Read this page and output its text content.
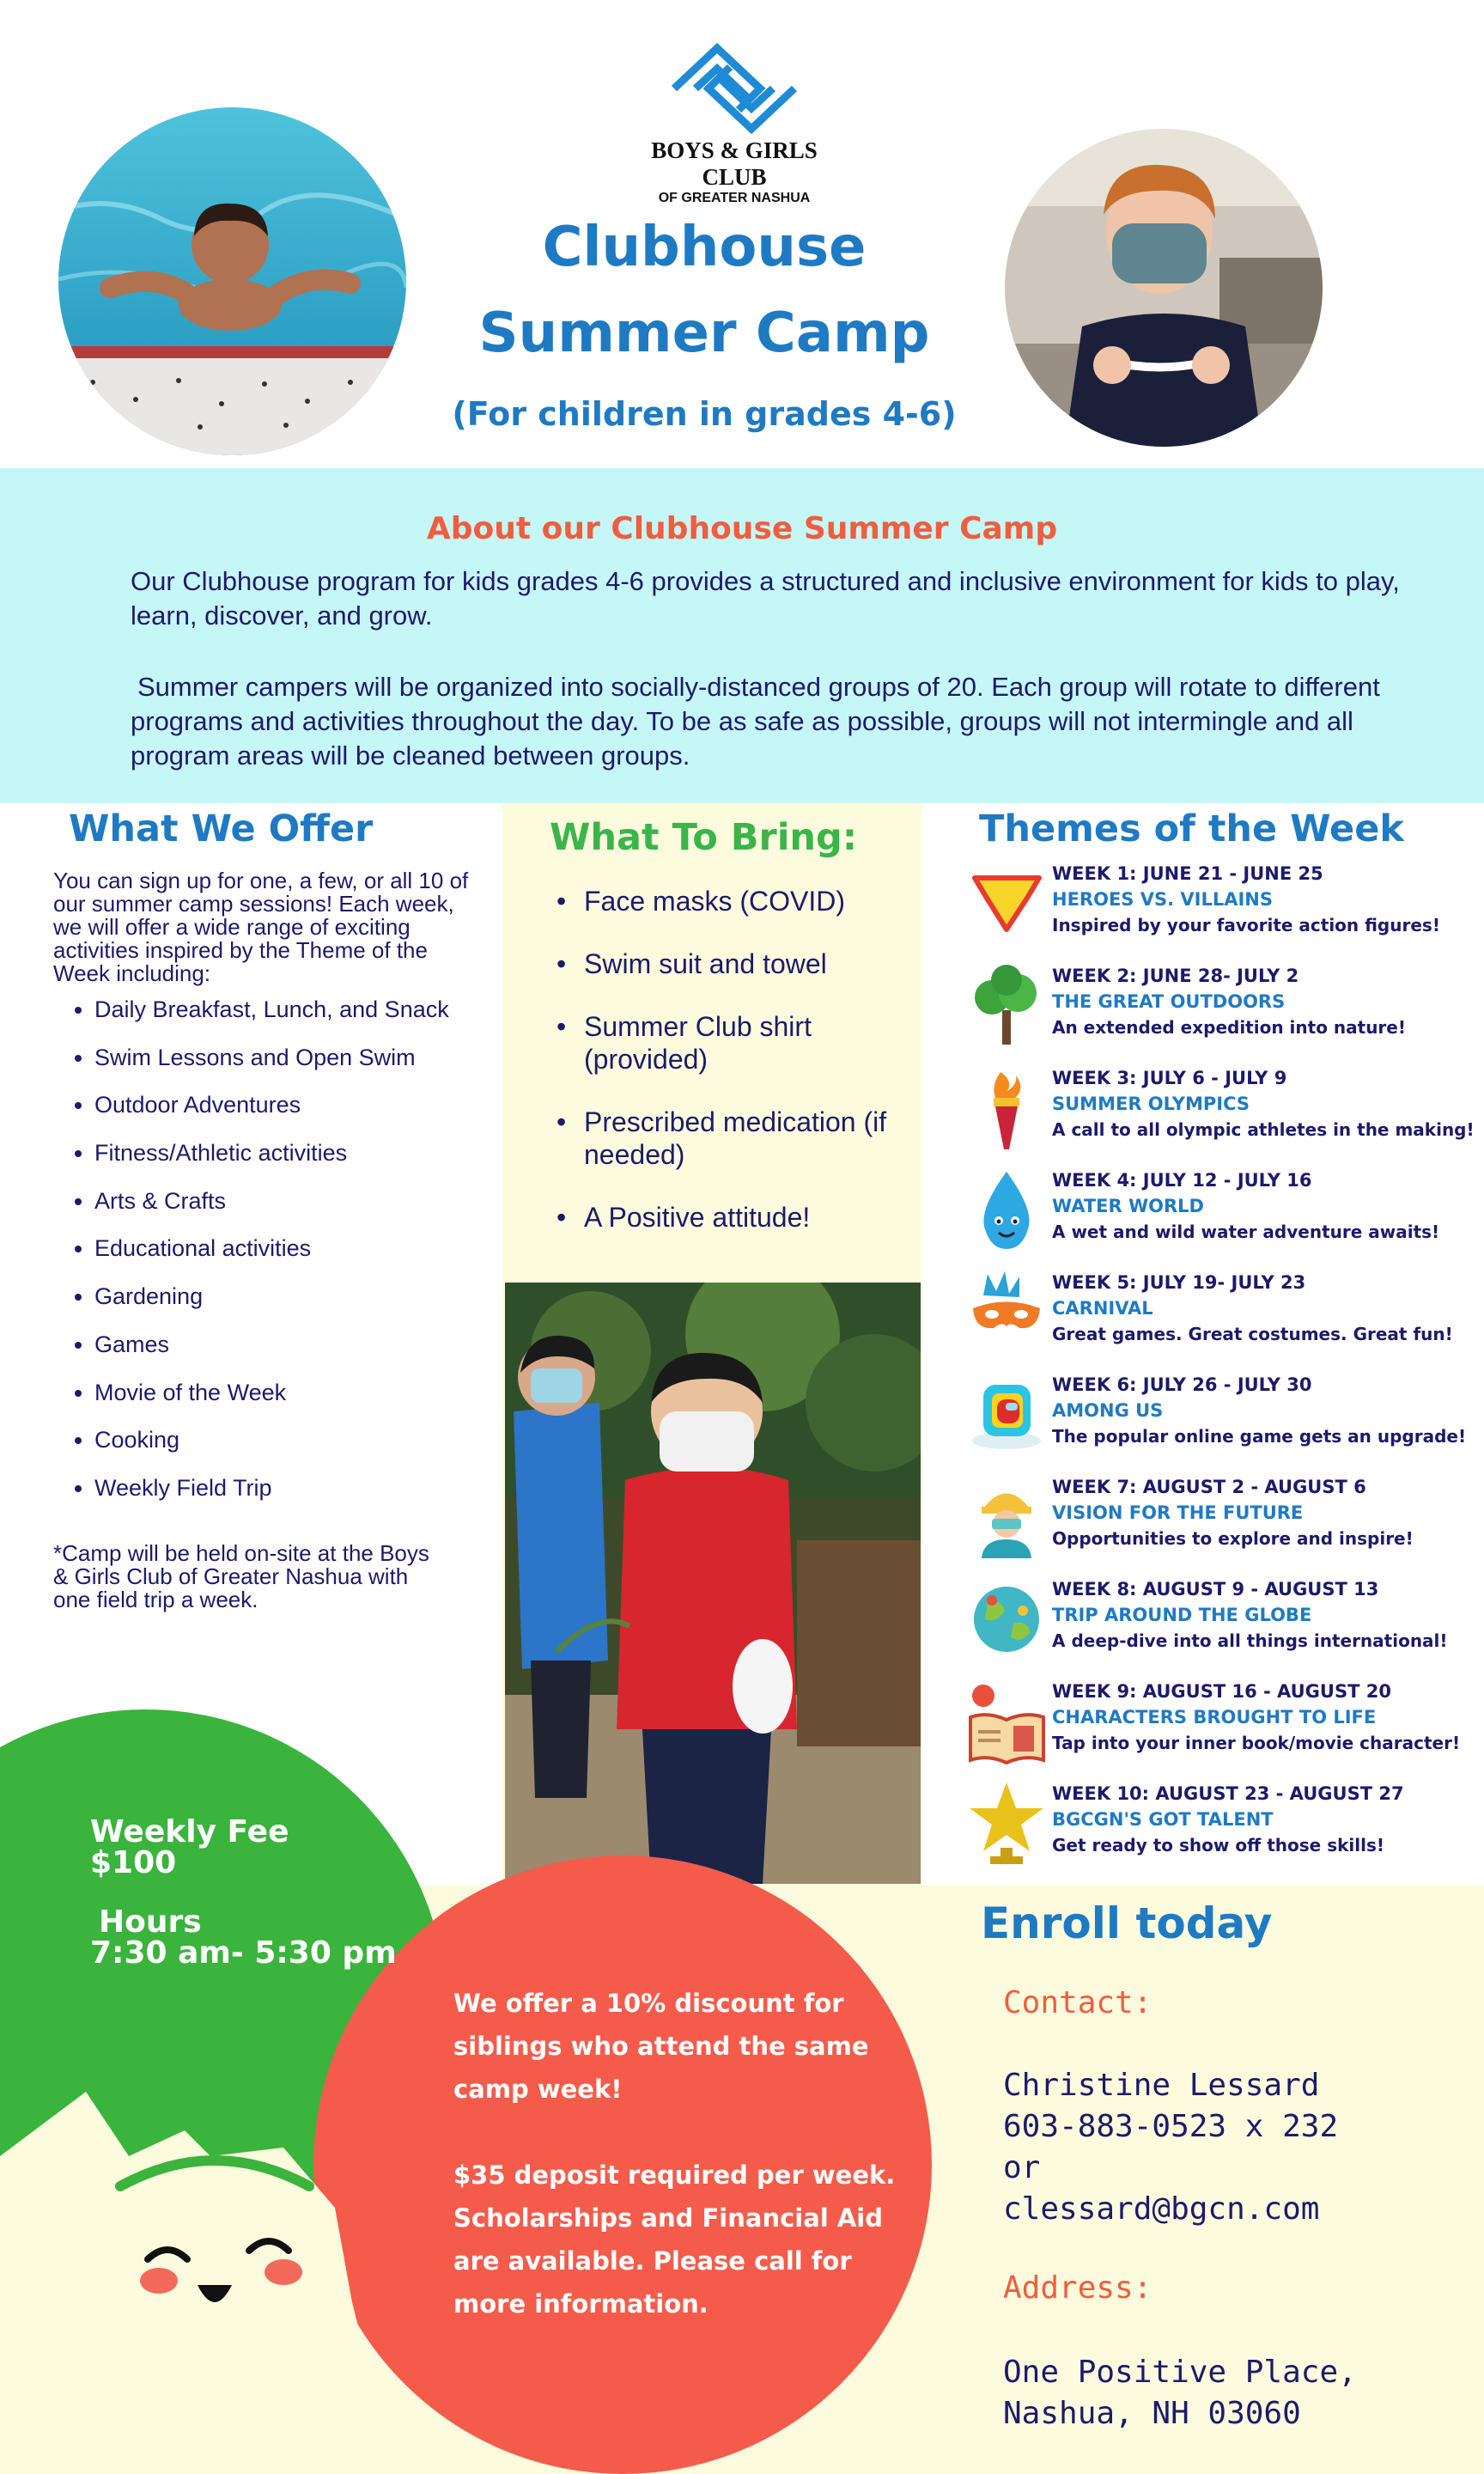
BOYS & GIRLS CLUB
OF GREATER NASHUA
Clubhouse
Summer Camp
(For children in grades 4-6)
About our Clubhouse Summer Camp
Our Clubhouse program for kids grades 4-6 provides a structured and inclusive environment for kids to play, learn, discover, and grow.
Summer campers will be organized into socially-distanced groups of 20. Each group will rotate to different programs and activities throughout the day. To be as safe as possible, groups will not intermingle and all program areas will be cleaned between groups.
What We Offer
You can sign up for one, a few, or all 10 of our summer camp sessions! Each week, we will offer a wide range of exciting activities inspired by the Theme of the Week including:
• Daily Breakfast, Lunch, and Snack
• Swim Lessons and Open Swim
• Outdoor Adventures
• Fitness/Athletic activities
• Arts & Crafts
• Educational activities
• Gardening
• Games
• Movie of the Week
• Cooking
• Weekly Field Trip
*Camp will be held on-site at the Boys & Girls Club of Greater Nashua with one field trip a week.
What To Bring:
• Face masks (COVID)
• Swim suit and towel
• Summer Club shirt (provided)
• Prescribed medication (if needed)
• A Positive attitude!
Themes of the Week
WEEK 1: JUNE 21 - JUNE 25
HEROES VS. VILLAINS
Inspired by your favorite action figures!
WEEK 2: JUNE 28- JULY 2
THE GREAT OUTDOORS
An extended expedition into nature!
WEEK 3: JULY 6 - JULY 9
SUMMER OLYMPICS
A call to all olympic athletes in the making!
WEEK 4: JULY 12 - JULY 16
WATER WORLD
A wet and wild water adventure awaits!
WEEK 5: JULY 19- JULY 23
CARNIVAL
Great games. Great costumes. Great fun!
WEEK 6: JULY 26 - JULY 30
AMONG US
The popular online game gets an upgrade!
WEEK 7: AUGUST 2 - AUGUST 6
VISION FOR THE FUTURE
Opportunities to explore and inspire!
WEEK 8: AUGUST 9 - AUGUST 13
TRIP AROUND THE GLOBE
A deep-dive into all things international!
WEEK 9: AUGUST 16 - AUGUST 20
CHARACTERS BROUGHT TO LIFE
Tap into your inner book/movie character!
WEEK 10: AUGUST 23 - AUGUST 27
BGCGN'S GOT TALENT
Get ready to show off those skills!
Weekly Fee
$100
Hours
7:30 am- 5:30 pm
We offer a 10% discount for siblings who attend the same camp week!
$35 deposit required per week. Scholarships and Financial Aid are available. Please call for more information.
Enroll today
Contact:
Christine Lessard
603-883-0523 x 232
or
clessard@bgcn.com
Address:
One Positive Place,
Nashua, NH 03060
